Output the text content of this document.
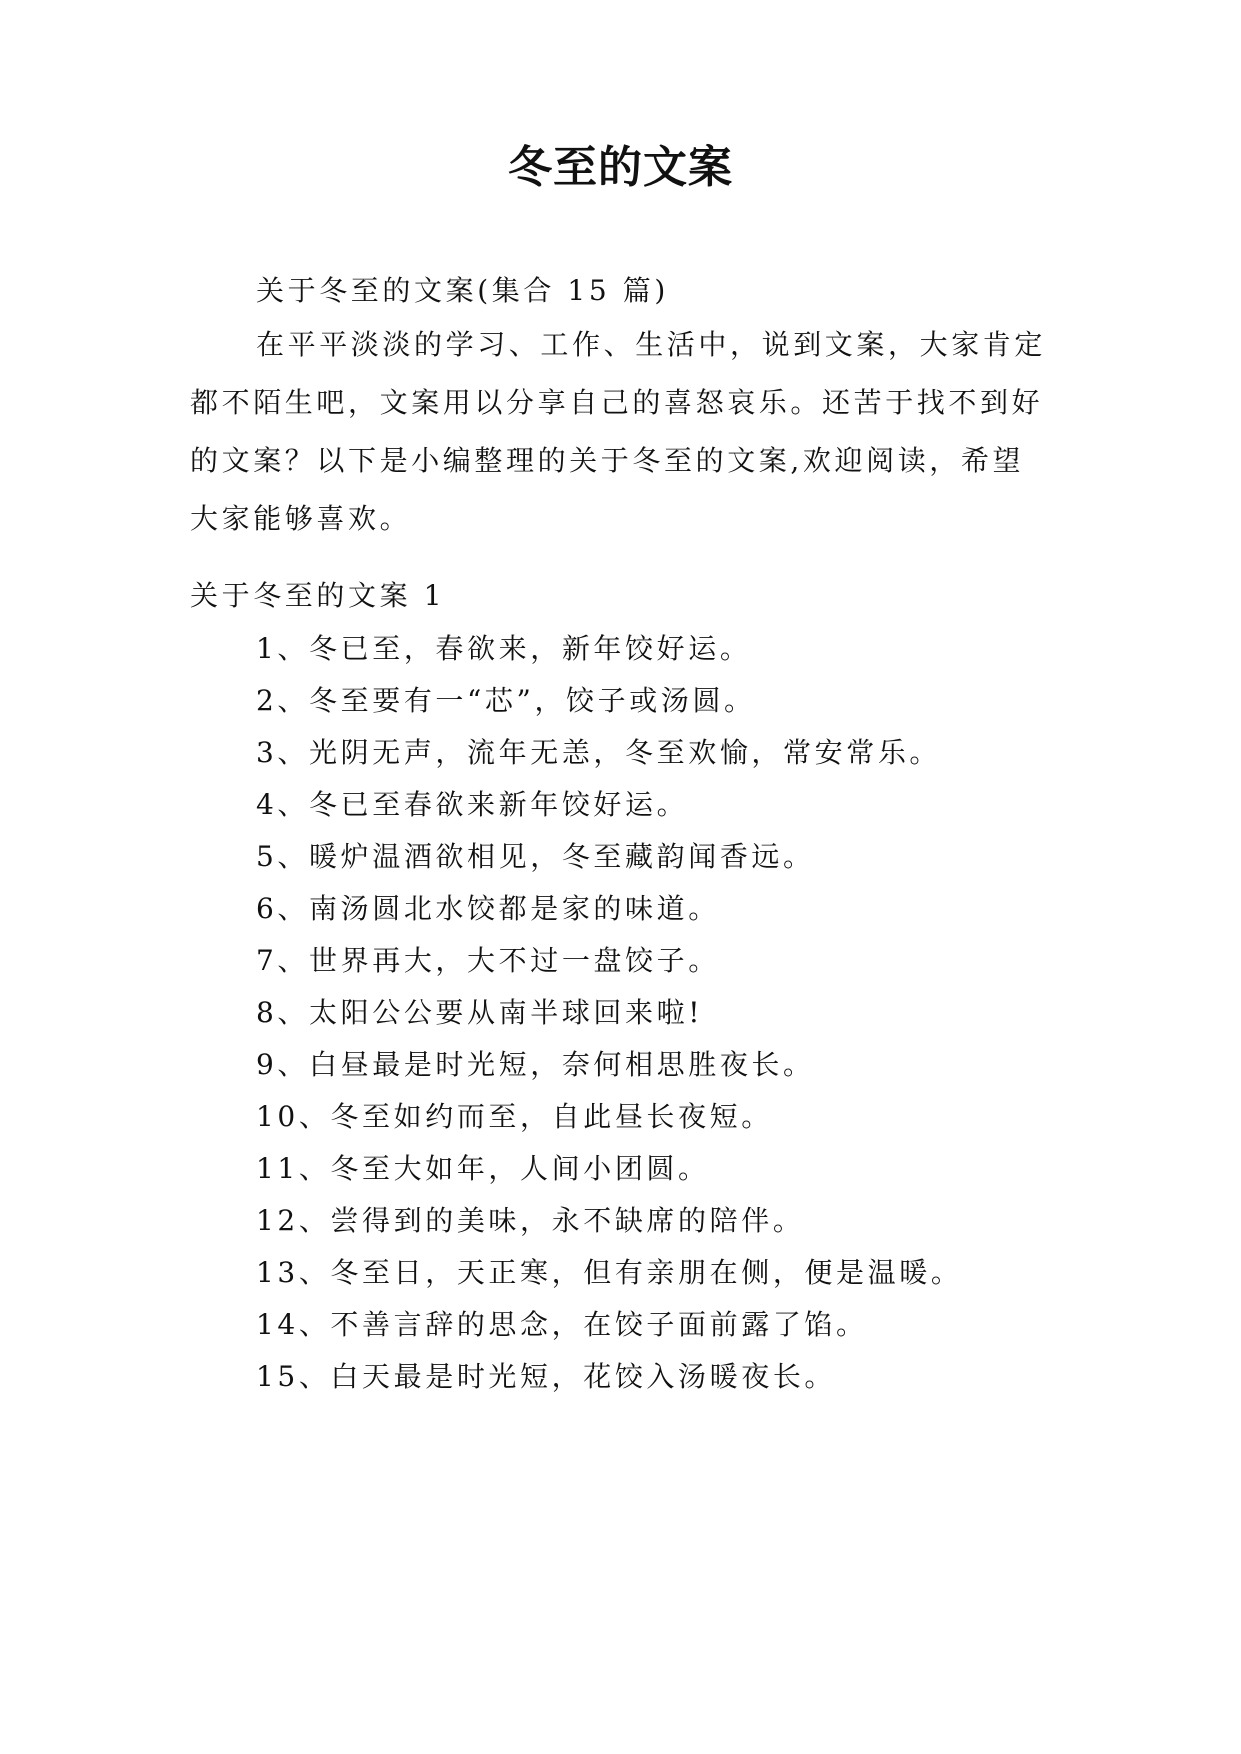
冬至的文案
关于冬至的文案(集合 15 篇)
在平平淡淡的学习、工作、生活中，说到文案，大家肯定都不陌生吧，文案用以分享自己的喜怒哀乐。还苦于找不到好的文案？以下是小编整理的关于冬至的文案,欢迎阅读，希望大家能够喜欢。
关于冬至的文案 1
1、冬已至，春欲来，新年饺好运。
2、冬至要有一“芯”，饺子或汤圆。
3、光阴无声，流年无恙，冬至欢愉，常安常乐。
4、冬已至春欲来新年饺好运。
5、暖炉温酒欲相见，冬至藏韵闻香远。
6、南汤圆北水饺都是家的味道。
7、世界再大，大不过一盘饺子。
8、太阳公公要从南半球回来啦!
9、白昼最是时光短，奈何相思胜夜长。
10、冬至如约而至，自此昼长夜短。
11、冬至大如年，人间小团圆。
12、尝得到的美味，永不缺席的陪伴。
13、冬至日，天正寒，但有亲朋在侧，便是温暖。
14、不善言辞的思念，在饺子面前露了馅。
15、白天最是时光短，花饺入汤暖夜长。
